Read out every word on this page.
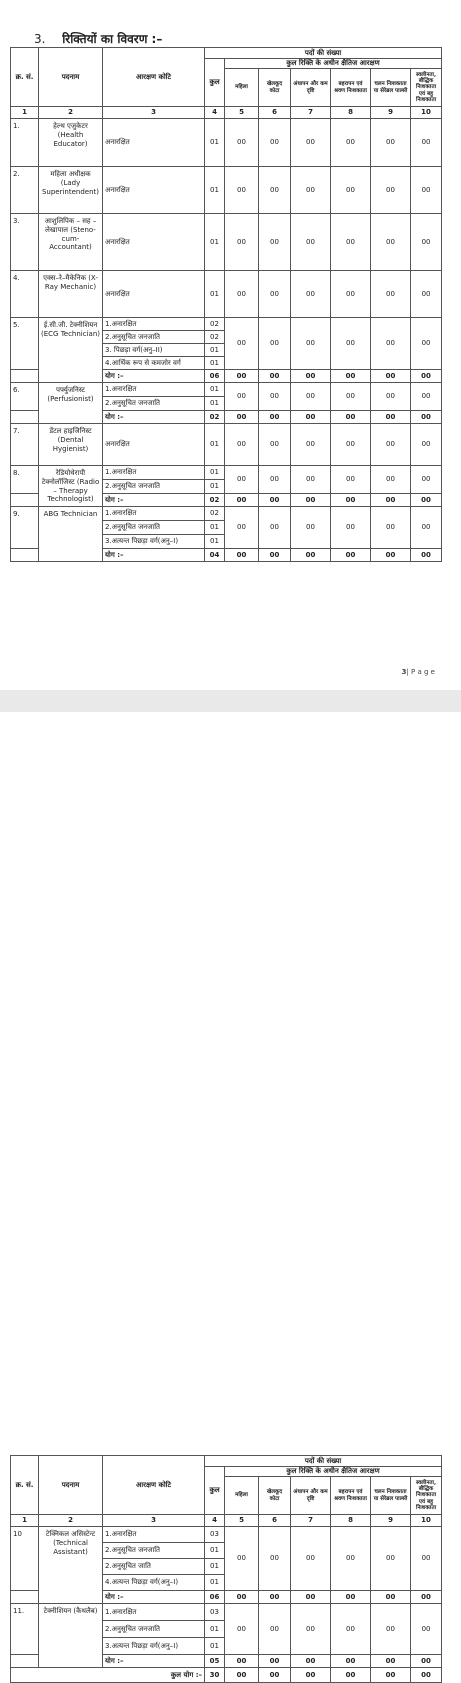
3. रिक्तियों का विवरण :–
क्र. सं.	पदनाम	आरक्षण कोटि	पदों की संख्या						
			कुल	कुल रिक्ति के अधीन क्षैतिज आरक्षण					
				महिला	खेलकूद कोटा	अंधापन और कम दृष्टि	बहरापन एवं श्रवण निःशक्तता	चलन निःशक्तता या सेरेब्रल पाल्सी	स्वलीनता, बौद्धिक निःशक्तता एवं बहु निःशक्तता
1	2	3	4	5	6	7	8	9	10
1.	हेल्थ एजुकेटर (Health Educator)	अनारक्षित	01	00	00	00	00	00	00
2.	महिला अधीक्षक (Lady Superintendent)	अनारक्षित	01	00	00	00	00	00	00
3.	आशुलिपिक – सह – लेखापाल (Steno-cum-Accountant)	अनारक्षित	01	00	00	00	00	00	00
4.	एक्स–रे–मैकेनिक (X-Ray Mechanic)	अनारक्षित	01	00	00	00	00	00	00
5.	ई.सी.जी. टेक्नीशियन (ECG Technician)	1.अनारक्षित	02	00	00	00	00	00	00
		2.अनुसूचित जनजाति	02						
		3. पिछड़ा वर्ग(अनु–II)	01						
		4.आर्थिक रूप से कमजोर वर्ग	01						
		योग :–	06	00	00	00	00	00	00
6.	पर्फ्युजनिस्ट (Perfusionist)	1.अनारक्षित	01	00	00	00	00	00	00
		2.अनुसूचित जनजाति	01						
		योग :–	02	00	00	00	00	00	00
7.	डेंटल हाइजिनिस्ट (Dental Hygienist)	अनारक्षित	01	00	00	00	00	00	00
8.	रेडियोथेरापी टेक्नोलॉजिस्ट (Radio – Therapy Technologist)	1.अनारक्षित	01	00	00	00	00	00	00
		2.अनुसूचित जनजाति	01						
		योग :–	02	00	00	00	00	00	00
9.	ABG Technician	1.अनारक्षित	02	00	00	00	00	00	00
		2.अनुसूचित जनजाति	01						
		3.अत्यन्त पिछड़ा वर्ग(अनु–I)	01						
		योग :–	04	00	00	00	00	00	00
3| P a g e
क्र. सं.	पदनाम	आरक्षण कोटि	पदों की संख्या						
			कुल	कुल रिक्ति के अधीन क्षैतिज आरक्षण					
				महिला	खेलकूद कोटा	अंधापन और कम दृष्टि	बहरापन एवं श्रवण निःशक्तता	चलन निःशक्तता या सेरेब्रल पाल्सी	स्वलीनता, बौद्धिक निःशक्तता एवं बहु निःशक्तता
1	2	3	4	5	6	7	8	9	10
10	टेक्निकल असिस्टेन्ट (Technical Assistant)	1.अनारक्षित	03	00	00	00	00	00	00
		2.अनुसूचित जनजाति	01						
		2.अनुसूचित जाति	01						
		4.अत्यन्त पिछड़ा वर्ग(अनु–I)	01						
		योग :–	06	00	00	00	00	00	00
11.	टेक्नीशियन (कैथलैब)	1.अनारक्षित	03	00	00	00	00	00	00
		2.अनुसूचित जनजाति	01						
		3.अत्यन्त पिछड़ा वर्ग(अनु–I)	01						
		योग :–	05	00	00	00	00	00	00
कुल योग :–			30	00	00	00	00	00	00
